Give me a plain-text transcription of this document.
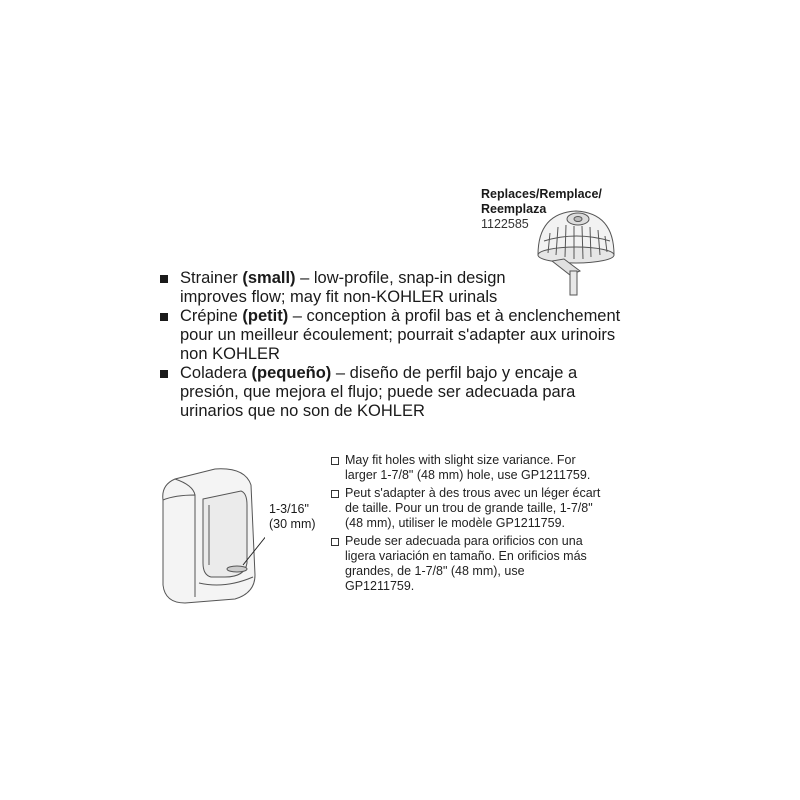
Replaces/Remplace/
Reemplaza
1122585
Strainer (small) – low-profile, snap-in design
improves flow; may fit non-KOHLER urinals
Crépine (petit) – conception à profil bas et à enclenchement
pour un meilleur écoulement; pourrait s'adapter aux urinoirs
non KOHLER
Coladera (pequeño) – diseño de perfil bajo y encaje a
presión, que mejora el flujo; puede ser adecuada para
urinarios que no son de KOHLER
1-3/16"
(30 mm)
May fit holes with slight size variance. For
larger 1-7/8" (48 mm) hole, use GP1211759.
Peut s'adapter à des trous avec un léger écart
de taille. Pour un trou de grande taille, 1-7/8"
(48 mm), utiliser le modèle GP1211759.
Peude ser adecuada para orificios con una
ligera variación en tamaño. En orificios más
grandes, de 1-7/8" (48 mm), use
GP1211759.
